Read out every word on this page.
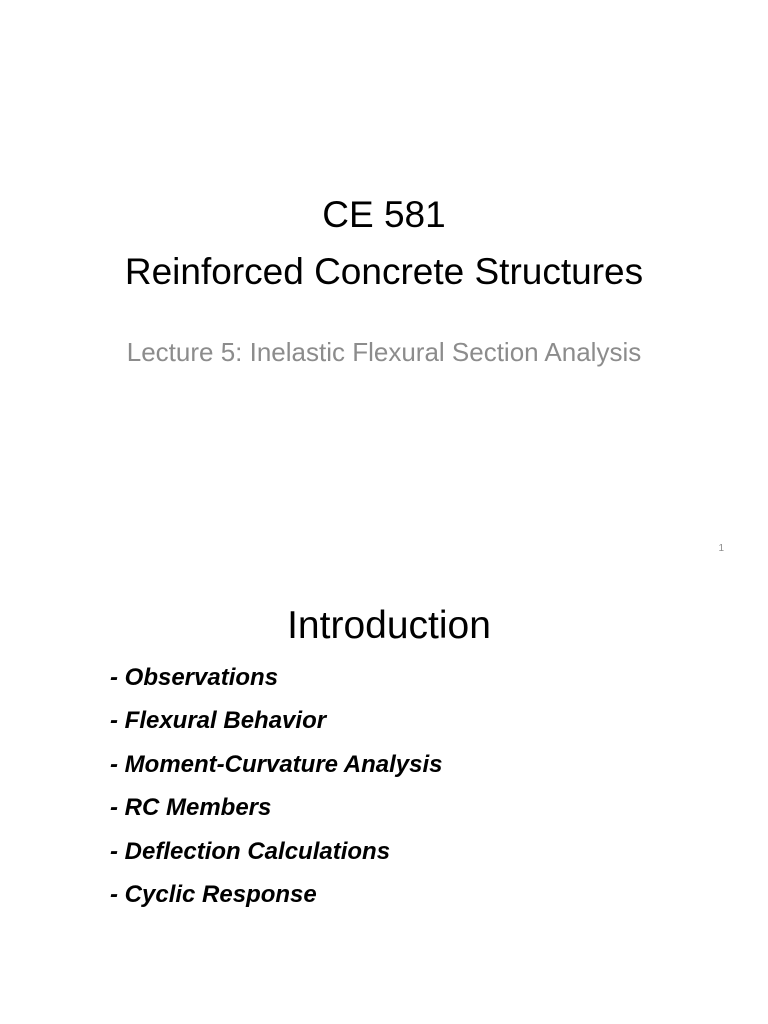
CE 581
Reinforced Concrete Structures
Lecture 5: Inelastic Flexural Section Analysis
1
Introduction
- Observations
- Flexural Behavior
- Moment-Curvature Analysis
- RC Members
- Deflection Calculations
- Cyclic Response
